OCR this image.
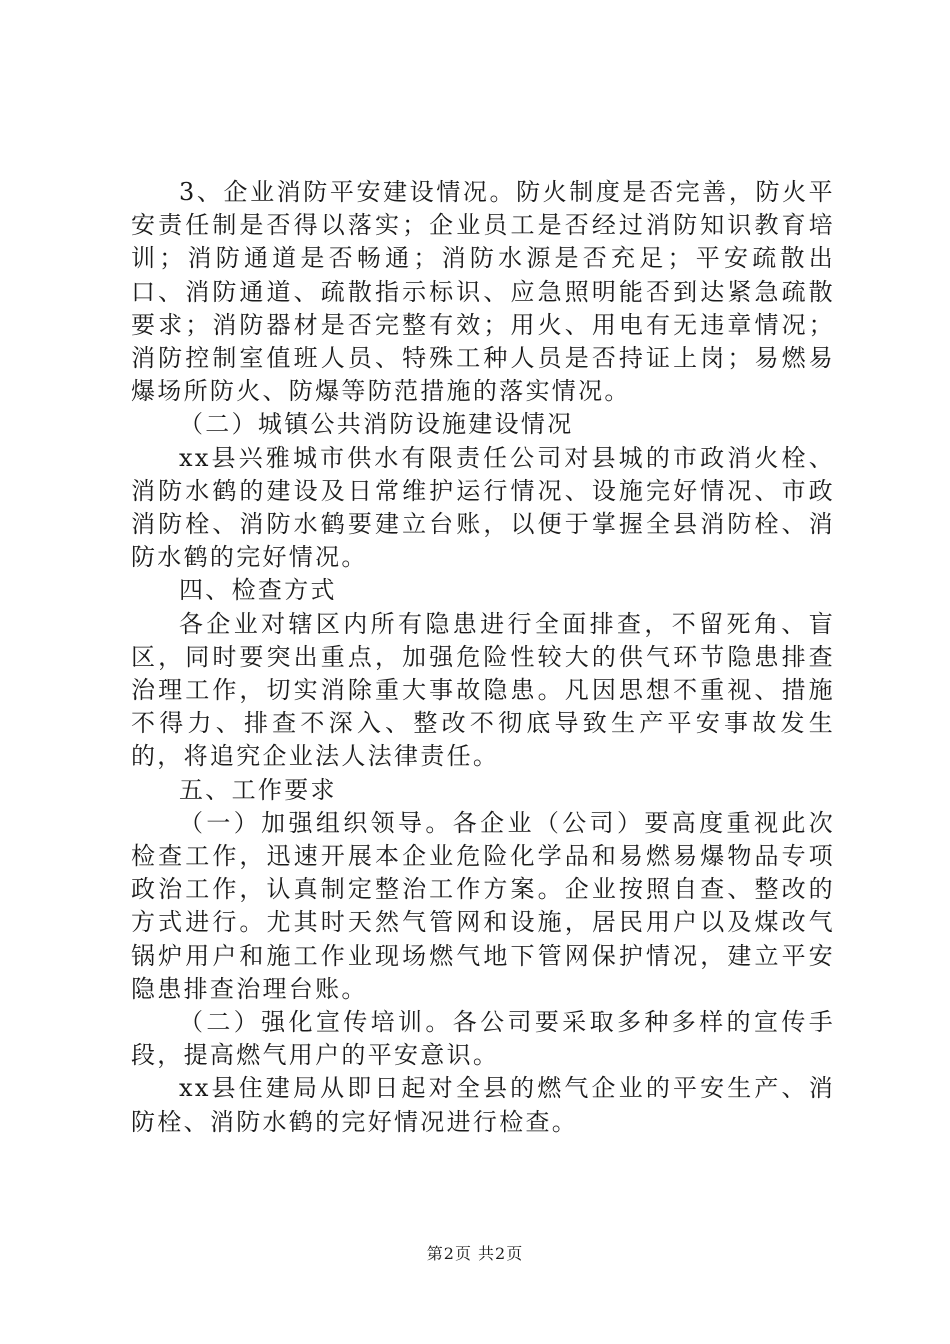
3、企业消防平安建设情况。防火制度是否完善，防火平安责任制是否得以落实；企业员工是否经过消防知识教育培训；消防通道是否畅通；消防水源是否充足；平安疏散出口、消防通道、疏散指示标识、应急照明能否到达紧急疏散要求；消防器材是否完整有效；用火、用电有无违章情况；消防控制室值班人员、特殊工种人员是否持证上岗；易燃易爆场所防火、防爆等防范措施的落实情况。

（二）城镇公共消防设施建设情况

xx县兴雅城市供水有限责任公司对县城的市政消火栓、消防水鹤的建设及日常维护运行情况、设施完好情况、市政消防栓、消防水鹤要建立台账，以便于掌握全县消防栓、消防水鹤的完好情况。

四、检查方式

各企业对辖区内所有隐患进行全面排查，不留死角、盲区，同时要突出重点，加强危险性较大的供气环节隐患排查治理工作，切实消除重大事故隐患。凡因思想不重视、措施不得力、排查不深入、整改不彻底导致生产平安事故发生的，将追究企业法人法律责任。

五、工作要求

（一）加强组织领导。各企业（公司）要高度重视此次检查工作，迅速开展本企业危险化学品和易燃易爆物品专项政治工作，认真制定整治工作方案。企业按照自查、整改的方式进行。尤其时天然气管网和设施，居民用户以及煤改气锅炉用户和施工作业现场燃气地下管网保护情况，建立平安隐患排查治理台账。

（二）强化宣传培训。各公司要采取多种多样的宣传手段，提高燃气用户的平安意识。

xx县住建局从即日起对全县的燃气企业的平安生产、消防栓、消防水鹤的完好情况进行检查。

第2页 共2页
